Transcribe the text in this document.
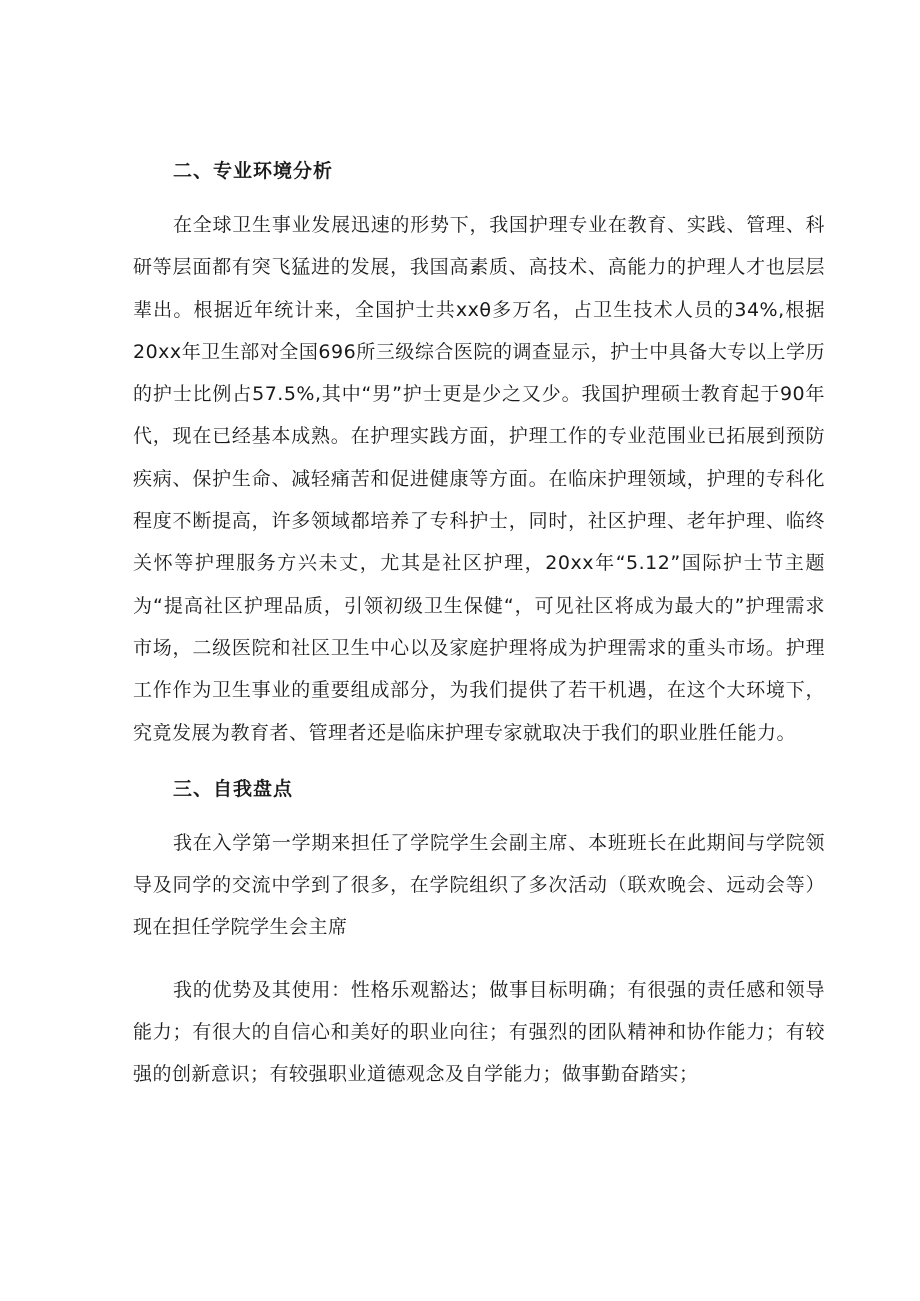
二、专业环境分析

在全球卫生事业发展迅速的形势下，我国护理专业在教育、实践、管理、科研等层面都有突飞猛进的发展，我国高素质、高技术、高能力的护理人才也层层辈出。根据近年统计来，全国护士共xxθ多万名，占卫生技术人员的34%,根据20xx年卫生部对全国696所三级综合医院的调查显示，护士中具备大专以上学历的护士比例占57.5%,其中“男”护士更是少之又少。我国护理硕士教育起于90年代，现在已经基本成熟。在护理实践方面，护理工作的专业范围业已拓展到预防疾病、保护生命、减轻痛苦和促进健康等方面。在临床护理领域，护理的专科化程度不断提高，许多领域都培养了专科护士，同时，社区护理、老年护理、临终关怀等护理服务方兴未丈，尤其是社区护理，20xx年“5.12”国际护士节主题为“提高社区护理品质，引领初级卫生保健“，可见社区将成为最大的”护理需求市场，二级医院和社区卫生中心以及家庭护理将成为护理需求的重头市场。护理工作作为卫生事业的重要组成部分，为我们提供了若干机遇，在这个大环境下，究竟发展为教育者、管理者还是临床护理专家就取决于我们的职业胜任能力。

三、自我盘点

我在入学第一学期来担任了学院学生会副主席、本班班长在此期间与学院领导及同学的交流中学到了很多，在学院组织了多次活动（联欢晚会、远动会等）现在担任学院学生会主席

我的优势及其使用：性格乐观豁达；做事目标明确；有很强的责任感和领导能力；有很大的自信心和美好的职业向往；有强烈的团队精神和协作能力；有较强的创新意识；有较强职业道德观念及自学能力；做事勤奋踏实；
